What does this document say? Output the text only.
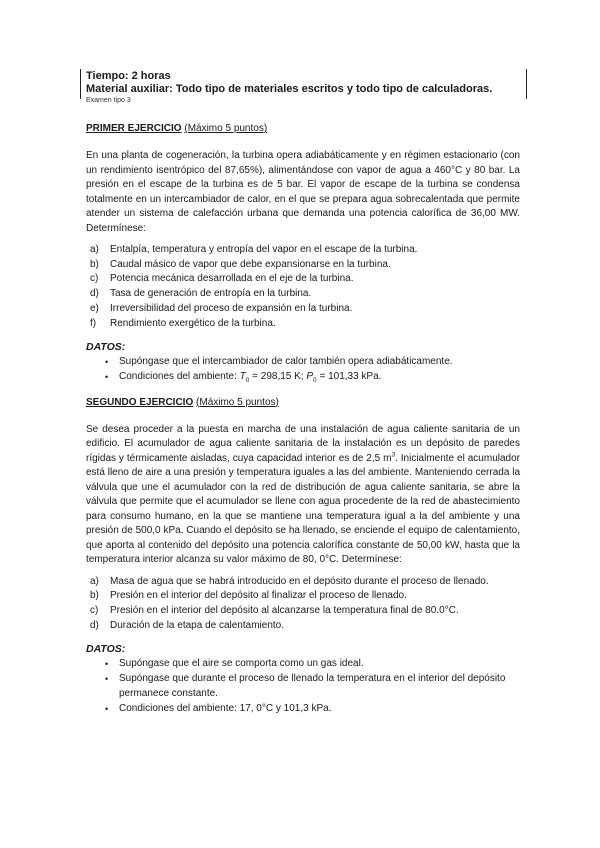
Tiempo: 2 horas
Material auxiliar: Todo tipo de materiales escritos y todo tipo de calculadoras.
Examen tipo 3
PRIMER EJERCICIO (Máximo 5 puntos)

En una planta de cogeneración, la turbina opera adiabáticamente y en régimen estacionario (con un rendimiento isentrópico del 87,65%), alimentándose con vapor de agua a 460°C y 80 bar. La presión en el escape de la turbina es de 5 bar. El vapor de escape de la turbina se condensa totalmente en un intercambiador de calor, en el que se prepara agua sobrecalentada que permite atender un sistema de calefacción urbana que demanda una potencia calorífica de 36,00 MW. Determínese:

a) Entalpía, temperatura y entropía del vapor en el escape de la turbina.
b) Caudal másico de vapor que debe expansionarse en la turbina.
c) Potencia mecánica desarrollada en el eje de la turbina.
d) Tasa de generación de entropía en la turbina.
e) Irreversibilidad del proceso de expansión en la turbina.
f) Rendimiento exergético de la turbina.
DATOS:
• Supóngase que el intercambiador de calor también opera adiabáticamente.
• Condiciones del ambiente: $T_0 = 298,15$ K; $P_0 = 101,33$ kPa.
SEGUNDO EJERCICIO (Máximo 5 puntos)

Se desea proceder a la puesta en marcha de una instalación de agua caliente sanitaria de un edificio. El acumulador de agua caliente sanitaria de la instalación es un depósito de paredes rígidas y térmicamente aisladas, cuya capacidad interior es de 2,5 $m^3$. Inicialmente el acumulador está lleno de aire a una presión y temperatura iguales a las del ambiente. Manteniendo cerrada la válvula que une el acumulador con la red de distribución de agua caliente sanitaria, se abre la válvula que permite que el acumulador se llene con agua procedente de la red de abastecimiento para consumo humano, en la que se mantiene una temperatura igual a la del ambiente y una presión de 500,0 kPa. Cuando el depósito se ha llenado, se enciende el equipo de calentamiento, que aporta al contenido del depósito una potencia calorífica constante de 50,00 kW, hasta que la temperatura interior alcanza su valor máximo de 80, 0°C. Determínese:

a) Masa de agua que se habrá introducido en el depósito durante el proceso de llenado.
b) Presión en el interior del depósito al finalizar el proceso de llenado.
c) Presión en el interior del depósito al alcanzarse la temperatura final de 80.0°C.
d) Duración de la etapa de calentamiento.
DATOS:
• Supóngase que el aire se comporta como un gas ideal.
• Supóngase que durante el proceso de llenado la temperatura en el interior del depósito permanece constante.
• Condiciones del ambiente: 17, 0°C y 101,3 kPa.
